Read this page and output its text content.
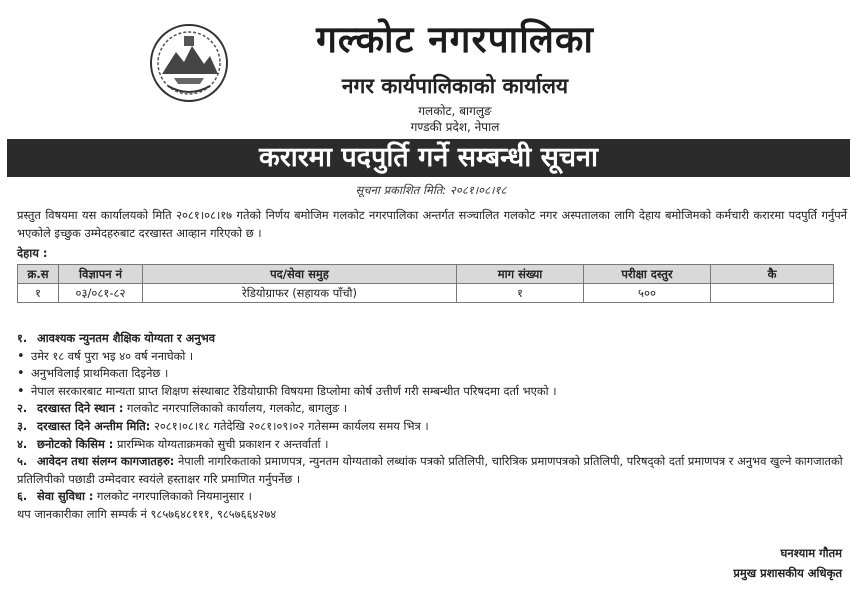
गल्कोट नगरपालिका
नगर कार्यपालिकाको कार्यालय
गलकोट, बागलुङ
गण्डकी प्रदेश, नेपाल
करारमा पदपुर्ति गर्ने सम्बन्धी सूचना
सूचना प्रकाशित मिति: २०८१।०८।१८
प्रस्तुत विषयमा यस कार्यालयको मिति २०८१।०८।१७ गतेको निर्णय बमोजिम गलकोट नगरपालिका अन्तर्गत सञ्चालित गलकोट नगर अस्पतालका लागि देहाय बमोजिमको कर्मचारी करारमा पदपुर्ति गर्नुपर्ने भएकोले इच्छुक उम्मेदहरुबाट दरखास्त आव्हान गरिएको छ ।
देहाय :
क्र.स	विज्ञापन नं	पद/सेवा समुह	माग संख्या	परीक्षा दस्तुर	कै
१	०३/०८१-८२	रेडियोग्राफर (सहायक पाँचौ)	१	५००	
१. आवश्यक न्युनतम शैक्षिक योग्यता र अनुभव
• उमेर १८ वर्ष पुरा भइ ४० वर्ष ननाघेको ।
• अनुभविलाई प्राथमिकता दिइनेछ ।
• नेपाल सरकारबाट मान्यता प्राप्त शिक्षण संस्थाबाट रेडियोग्राफी विषयमा डिप्लोमा कोर्ष उत्तीर्ण गरी सम्बन्धीत परिषदमा दर्ता भएको ।
२. दरखास्त दिने स्थान : गलकोट नगरपालिकाको कार्यालय, गलकोट, बागलुङ ।
३. दरखास्त दिने अन्तीम मिति: २०८१।०८।१८ गतेदेखि २०८१।०९।०२ गतेसम्म कार्यलय समय भित्र ।
४. छनोटको किसिम : प्रारम्भिक योग्यताक्रमको सुची प्रकाशन र अन्तर्वार्ता ।
५. आवेदन तथा संलग्न कागजातहरु: नेपाली नागरिकताको प्रमाणपत्र, न्युनतम योग्यताको लब्धांक पत्रको प्रतिलिपी, चारित्रिक प्रमाणपत्रको प्रतिलिपी, परिषद्को दर्ता प्रमाणपत्र र अनुभव खुल्ने कागजातको प्रतिलिपीको पछाडी उम्मेदवार स्वयंले हस्ताक्षर गरि प्रमाणित गर्नुपर्नेछ ।
६. सेवा सुविधा : गलकोट नगरपालिकाको नियमानुसार ।
थप जानकारीका लागि सम्पर्क नं ९८५७६४८१११, ९८५७६६४२७४
घनश्याम गौतम
प्रमुख प्रशासकीय अधिकृत
